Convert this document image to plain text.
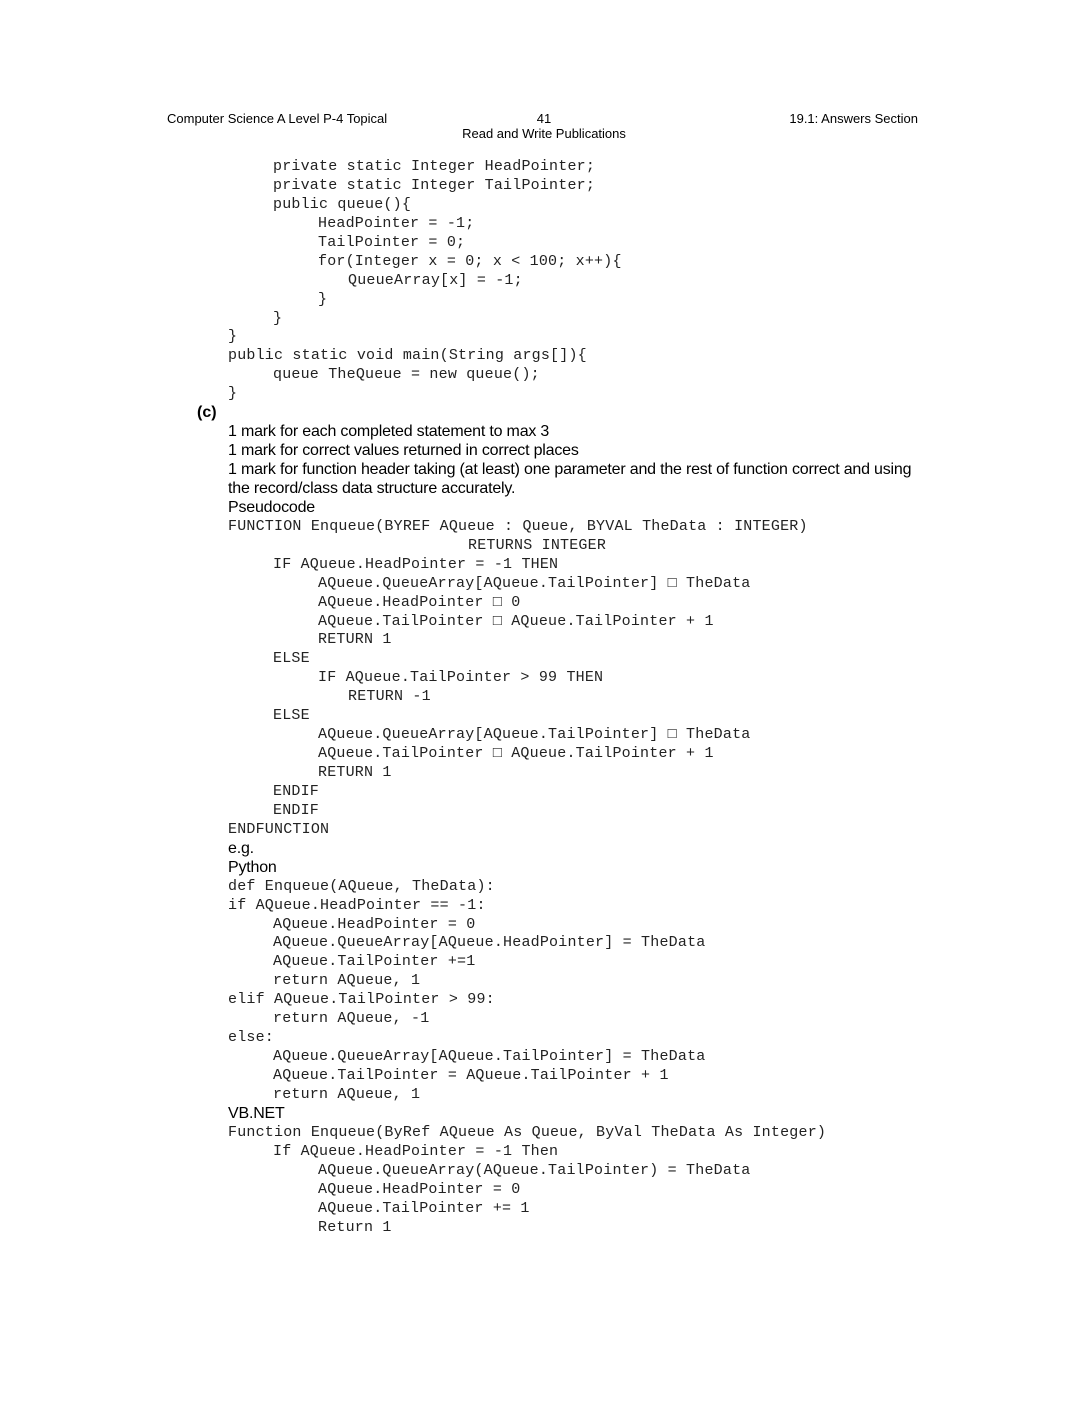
Computer Science A Level P-4 Topical	41
Read and Write Publications
19.1: Answers Section
private static Integer HeadPointer;
private static Integer TailPointer;
public queue(){
HeadPointer = -1;
TailPointer = 0;
for(Integer x = 0; x < 100; x++){
QueueArray[x] = -1;
}
}
}
public static void main(String args[]){
queue TheQueue = new queue();
}
(c)
1 mark for each completed statement to max 3
1 mark for correct values returned in correct places
1 mark for function header taking (at least) one parameter and the rest of function correct and using the record/class data structure accurately.
Pseudocode
FUNCTION Enqueue(BYREF AQueue : Queue, BYVAL TheData : INTEGER)
RETURNS INTEGER
IF AQueue.HeadPointer = -1 THEN
AQueue.QueueArray[AQueue.TailPointer] □ TheData
AQueue.HeadPointer □ 0
AQueue.TailPointer □ AQueue.TailPointer + 1
RETURN 1
ELSE
IF AQueue.TailPointer > 99 THEN
RETURN -1
ELSE
AQueue.QueueArray[AQueue.TailPointer] □ TheData
AQueue.TailPointer □ AQueue.TailPointer + 1
RETURN 1
ENDIF
ENDIF
ENDFUNCTION
e.g.
Python
def Enqueue(AQueue, TheData):
if AQueue.HeadPointer == -1:
AQueue.HeadPointer = 0
AQueue.QueueArray[AQueue.HeadPointer] = TheData
AQueue.TailPointer +=1
return AQueue, 1
elif AQueue.TailPointer > 99:
return AQueue, -1
else:
AQueue.QueueArray[AQueue.TailPointer] = TheData
AQueue.TailPointer = AQueue.TailPointer + 1
return AQueue, 1
VB.NET
Function Enqueue(ByRef AQueue As Queue, ByVal TheData As Integer)
If AQueue.HeadPointer = -1 Then
AQueue.QueueArray(AQueue.TailPointer) = TheData
AQueue.HeadPointer = 0
AQueue.TailPointer += 1
Return 1
